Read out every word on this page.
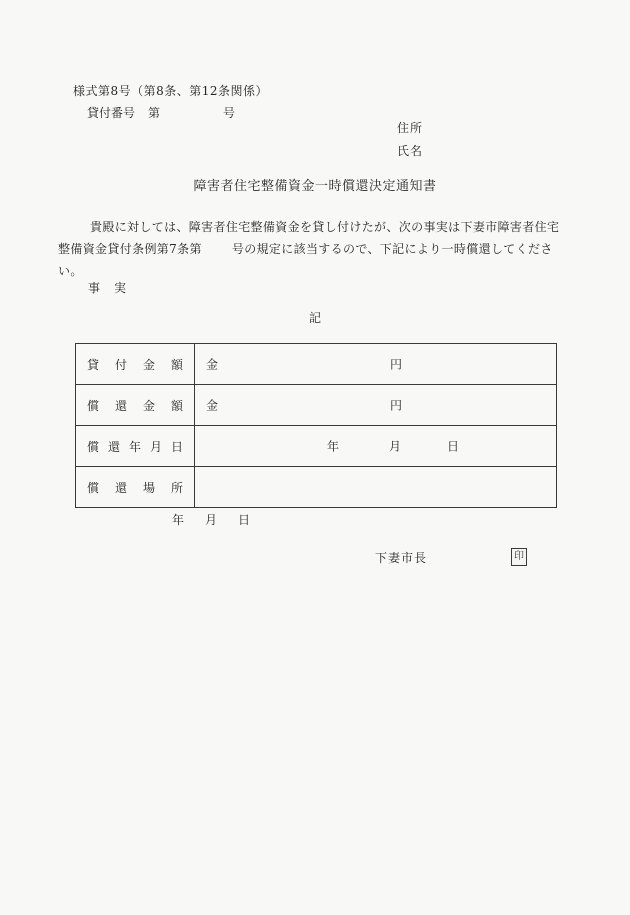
様式第8号（第8条、第12条関係）
貸付番号 第	号
住所
氏名
障害者住宅整備資金一時償還決定通知書
貴殿に対しては、障害者住宅整備資金を貸し付けたが、次の事実は下妻市障害者住宅
整備資金貸付条例第7条第	号の規定に該当するので、下記により一時償還してくださ
い。
事　実
記
貸 付 金 額	金 円

償 還 金 額	金 円

償 還 年 月 日	年 月 日

償 還 場 所	
年 月 日
下妻市長	印
